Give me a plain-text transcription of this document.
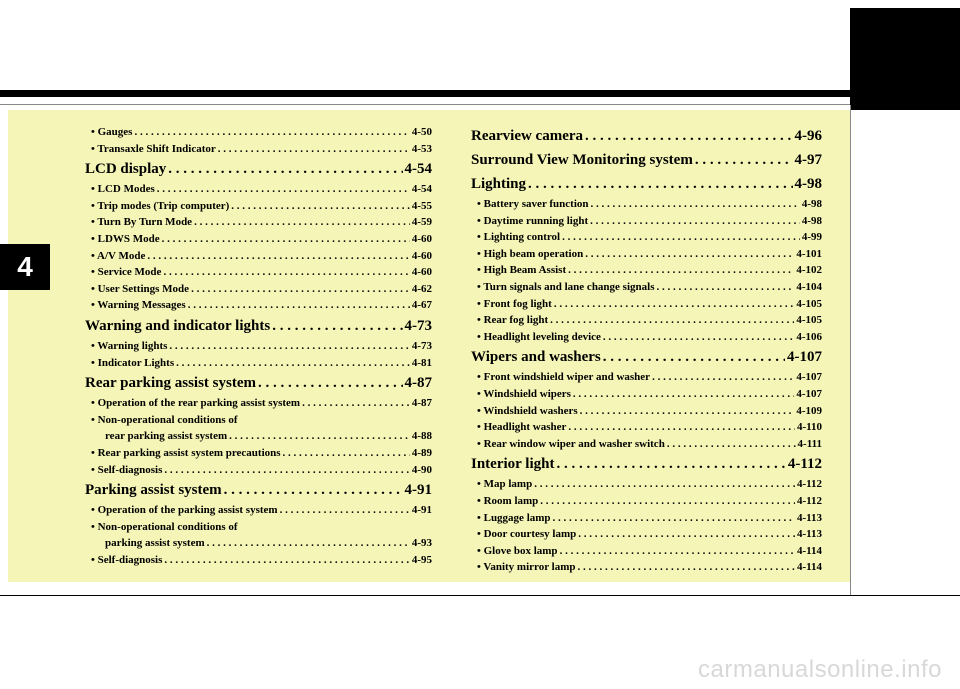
4
• Gauges . . .	4-50
• Transaxle Shift Indicator . . .	4-53
LCD display . . .	4-54
• LCD Modes . . .	4-54
• Trip modes (Trip computer) . . .	4-55
• Turn By Turn Mode . . .	4-59
• LDWS Mode . . .	4-60
• A/V Mode . . .	4-60
• Service Mode . . .	4-60
• User Settings Mode . . .	4-62
• Warning Messages . . .	4-67
Warning and indicator lights . . .	4-73
• Warning lights . . .	4-73
• Indicator Lights . . .	4-81
Rear parking assist system . . .	4-87
• Operation of the rear parking assist system . . .	4-87
• Non-operational conditions of
rear parking assist system . . .	4-88
• Rear parking assist system precautions . . .	4-89
• Self-diagnosis . . .	4-90
Parking assist system . . .	4-91
• Operation of the parking assist system . . .	4-91
• Non-operational conditions of
parking assist system . . .	4-93
• Self-diagnosis . . .	4-95
Rearview camera . . .	4-96
Surround View Monitoring system . . .	4-97
Lighting . . .	4-98
• Battery saver function . . .	4-98
• Daytime running light . . .	4-98
• Lighting control . . .	4-99
• High beam operation . . .	4-101
• High Beam Assist . . .	4-102
• Turn signals and lane change signals . . .	4-104
• Front fog light . . .	4-105
• Rear fog light . . .	4-105
• Headlight leveling device . . .	4-106
Wipers and washers . . .	4-107
• Front windshield wiper and washer . . .	4-107
• Windshield wipers . . .	4-107
• Windshield washers . . .	4-109
• Headlight washer . . .	4-110
• Rear window wiper and washer switch . . .	4-111
Interior light . . .	4-112
• Map lamp . . .	4-112
• Room lamp . . .	4-112
• Luggage lamp . . .	4-113
• Door courtesy lamp . . .	4-113
• Glove box lamp . . .	4-114
• Vanity mirror lamp . . .	4-114
carmanualsonline.info
